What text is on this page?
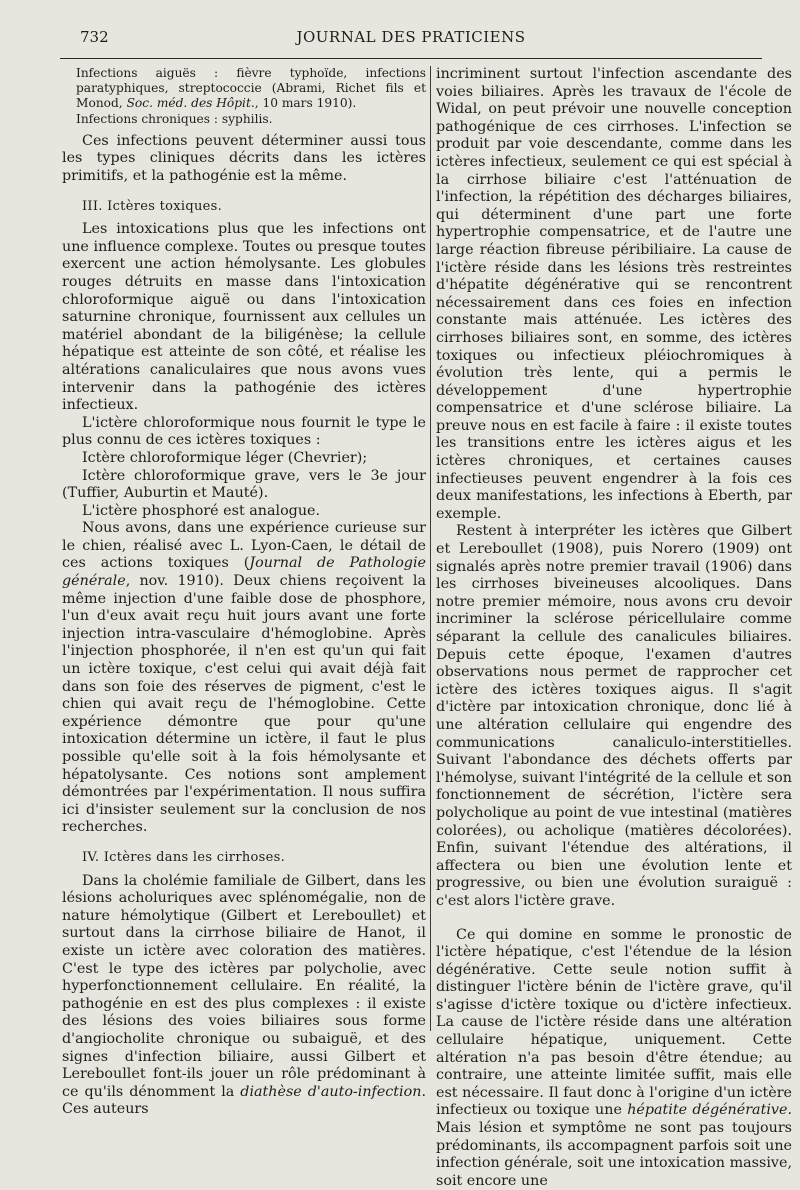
732	JOURNAL DES PRATICIENS

Infections aiguës : fièvre typhoïde, infections paratyphiques, streptococcie (Abrami, Richet fils et Monod, Soc. méd. des Hôpit., 10 mars 1910).

Infections chroniques : syphilis.

Ces infections peuvent déterminer aussi tous les types cliniques décrits dans les ictères primitifs, et la pathogénie est la même.

III. Ictères toxiques.

Les intoxications plus que les infections ont une influence complexe. Toutes ou presque toutes exercent une action hémolysante. Les globules rouges détruits en masse dans l'intoxication chloroformique aiguë ou dans l'intoxication saturnine chronique, fournissent aux cellules un matériel abondant de la biligénèse; la cellule hépatique est atteinte de son côté, et réalise les altérations canaliculaires que nous avons vues intervenir dans la pathogénie des ictères infectieux.

L'ictère chloroformique nous fournit le type le plus connu de ces ictères toxiques :

Ictère chloroformique léger (Chevrier);

Ictère chloroformique grave, vers le 3e jour (Tuffier, Auburtin et Mauté).

L'ictère phosphoré est analogue.

Nous avons, dans une expérience curieuse sur le chien, réalisé avec L. Lyon-Caen, le détail de ces actions toxiques (Journal de Pathologie générale, nov. 1910). Deux chiens reçoivent la même injection d'une faible dose de phosphore, l'un d'eux avait reçu huit jours avant une forte injection intra-vasculaire d'hémoglobine. Après l'injection phosphorée, il n'en est qu'un qui fait un ictère toxique, c'est celui qui avait déjà fait dans son foie des réserves de pigment, c'est le chien qui avait reçu de l'hémoglobine. Cette expérience démontre que pour qu'une intoxication détermine un ictère, il faut le plus possible qu'elle soit à la fois hémolysante et hépatolysante. Ces notions sont amplement démontrées par l'expérimentation. Il nous suffira ici d'insister seulement sur la conclusion de nos recherches.

IV. Ictères dans les cirrhoses.

Dans la cholémie familiale de Gilbert, dans les lésions acholuriques avec splénomégalie, non de nature hémolytique (Gilbert et Lereboullet) et surtout dans la cirrhose biliaire de Hanot, il existe un ictère avec coloration des matières. C'est le type des ictères par polycholie, avec hyperfonctionnement cellulaire. En réalité, la pathogénie en est des plus complexes : il existe des lésions des voies biliaires sous forme d'angiocholite chronique ou subaiguë, et des signes d'infection biliaire, aussi Gilbert et Lereboullet font-ils jouer un rôle prédominant à ce qu'ils dénomment la diathèse d'auto-infection. Ces auteurs

incriminent surtout l'infection ascendante des voies biliaires. Après les travaux de l'école de Widal, on peut prévoir une nouvelle conception pathogénique de ces cirrhoses. L'infection se produit par voie descendante, comme dans les ictères infectieux, seulement ce qui est spécial à la cirrhose biliaire c'est l'atténuation de l'infection, la répétition des décharges biliaires, qui déterminent d'une part une forte hypertrophie compensatrice, et de l'autre une large réaction fibreuse péribiliaire. La cause de l'ictère réside dans les lésions très restreintes d'hépatite dégénérative qui se rencontrent nécessairement dans ces foies en infection constante mais atténuée. Les ictères des cirrhoses biliaires sont, en somme, des ictères toxiques ou infectieux pléiochromiques à évolution très lente, qui a permis le développement d'une hypertrophie compensatrice et d'une sclérose biliaire. La preuve nous en est facile à faire : il existe toutes les transitions entre les ictères aigus et les ictères chroniques, et certaines causes infectieuses peuvent engendrer à la fois ces deux manifestations, les infections à Eberth, par exemple.

Restent à interpréter les ictères que Gilbert et Lereboullet (1908), puis Norero (1909) ont signalés après notre premier travail (1906) dans les cirrhoses biveineuses alcooliques. Dans notre premier mémoire, nous avons cru devoir incriminer la sclérose péricellulaire comme séparant la cellule des canalicules biliaires. Depuis cette époque, l'examen d'autres observations nous permet de rapprocher cet ictère des ictères toxiques aigus. Il s'agit d'ictère par intoxication chronique, donc lié à une altération cellulaire qui engendre des communications canaliculo-interstitielles. Suivant l'abondance des déchets offerts par l'hémolyse, suivant l'intégrité de la cellule et son fonctionnement de sécrétion, l'ictère sera polycholique au point de vue intestinal (matières colorées), ou acholique (matières décolorées). Enfin, suivant l'étendue des altérations, il affectera ou bien une évolution lente et progressive, ou bien une évolution suraiguë : c'est alors l'ictère grave.

Ce qui domine en somme le pronostic de l'ictère hépatique, c'est l'étendue de la lésion dégénérative. Cette seule notion suffit à distinguer l'ictère bénin de l'ictère grave, qu'il s'agisse d'ictère toxique ou d'ictère infectieux. La cause de l'ictère réside dans une altération cellulaire hépatique, uniquement. Cette altération n'a pas besoin d'être étendue; au contraire, une atteinte limitée suffit, mais elle est nécessaire. Il faut donc à l'origine d'un ictère infectieux ou toxique une hépatite dégénérative. Mais lésion et symptôme ne sont pas toujours prédominants, ils accompagnent parfois soit une infection générale, soit une intoxication massive, soit encore une
